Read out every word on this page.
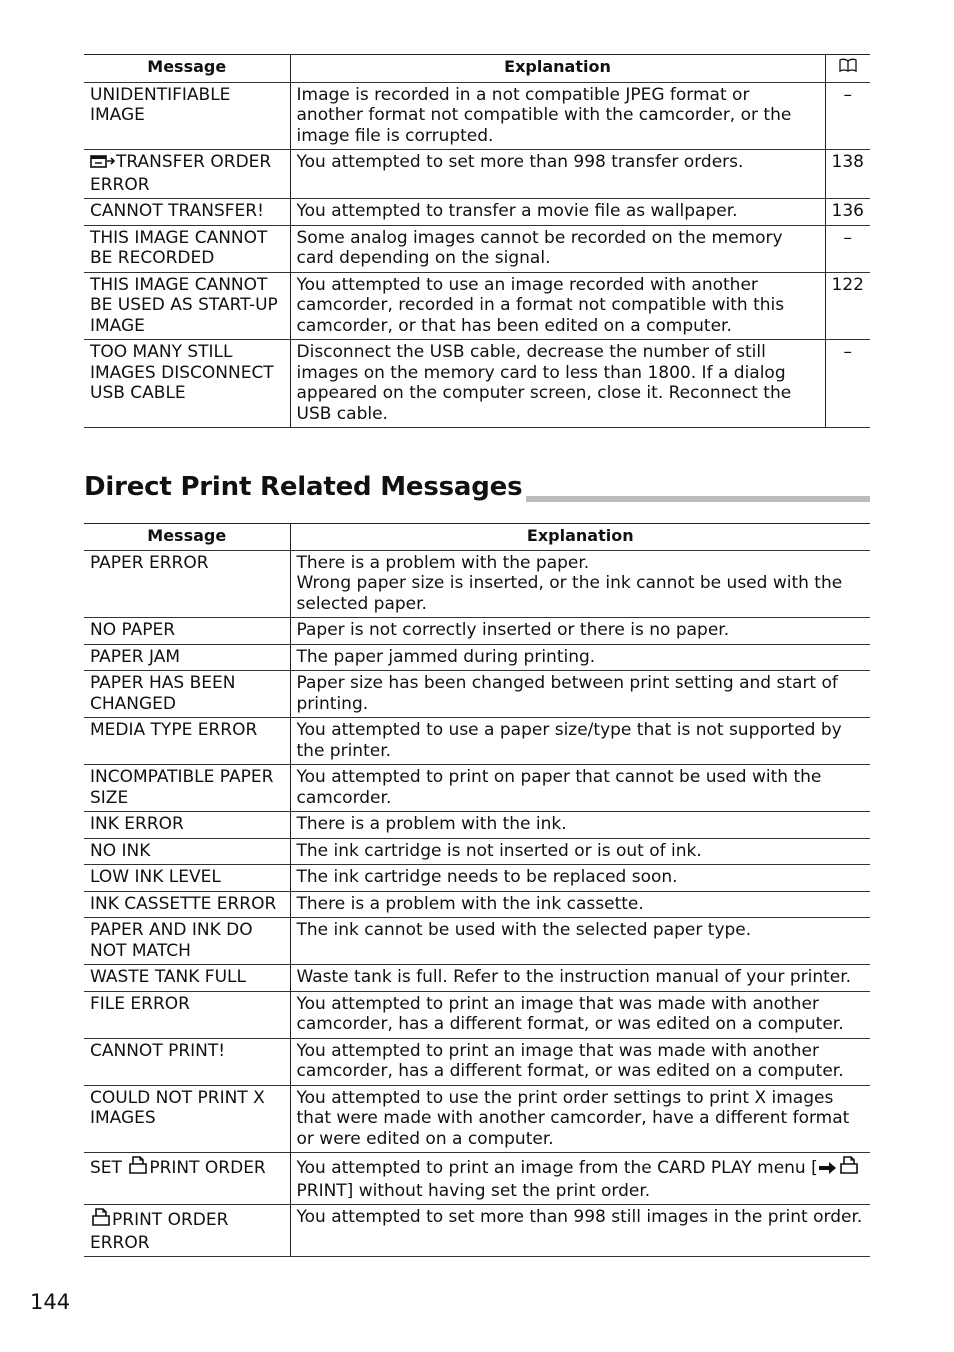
Message	Explanation	
UNIDENTIFIABLE IMAGE	Image is recorded in a not compatible JPEG format or another format not compatible with the camcorder, or the image file is corrupted.	–
TRANSFER ORDER ERROR	You attempted to set more than 998 transfer orders.	138
CANNOT TRANSFER!	You attempted to transfer a movie file as wallpaper.	136
THIS IMAGE CANNOT BE RECORDED	Some analog images cannot be recorded on the memory card depending on the signal.	–
THIS IMAGE CANNOT BE USED AS START-UP IMAGE	You attempted to use an image recorded with another camcorder, recorded in a format not compatible with this camcorder, or that has been edited on a computer.	122
TOO MANY STILL IMAGES DISCONNECT USB CABLE	Disconnect the USB cable, decrease the number of still images on the memory card to less than 1800. If a dialog appeared on the computer screen, close it. Reconnect the USB cable.	–
Direct Print Related Messages
Message	Explanation
PAPER ERROR	There is a problem with the paper.
Wrong paper size is inserted, or the ink cannot be used with the selected paper.

NO PAPER	Paper is not correctly inserted or there is no paper.
PAPER JAM	The paper jammed during printing.
PAPER HAS BEEN CHANGED	Paper size has been changed between print setting and start of printing.
MEDIA TYPE ERROR	You attempted to use a paper size/type that is not supported by the printer.
INCOMPATIBLE PAPER SIZE	You attempted to print on paper that cannot be used with the camcorder.
INK ERROR	There is a problem with the ink.
NO INK	The ink cartridge is not inserted or is out of ink.
LOW INK LEVEL	The ink cartridge needs to be replaced soon.
INK CASSETTE ERROR	There is a problem with the ink cassette.
PAPER AND INK DO NOT MATCH	The ink cannot be used with the selected paper type.
WASTE TANK FULL	Waste tank is full. Refer to the instruction manual of your printer.
FILE ERROR	You attempted to print an image that was made with another camcorder, has a different format, or was edited on a computer.
CANNOT PRINT!	You attempted to print an image that was made with another camcorder, has a different format, or was edited on a computer.
COULD NOT PRINT X IMAGES	You attempted to use the print order settings to print X images that were made with another camcorder, have a different format or were edited on a computer.
SET PRINT ORDER	You attempted to print an image from the CARD PLAY menu [PRINT] without having set the print order.
PRINT ORDER ERROR	You attempted to set more than 998 still images in the print order.
144
